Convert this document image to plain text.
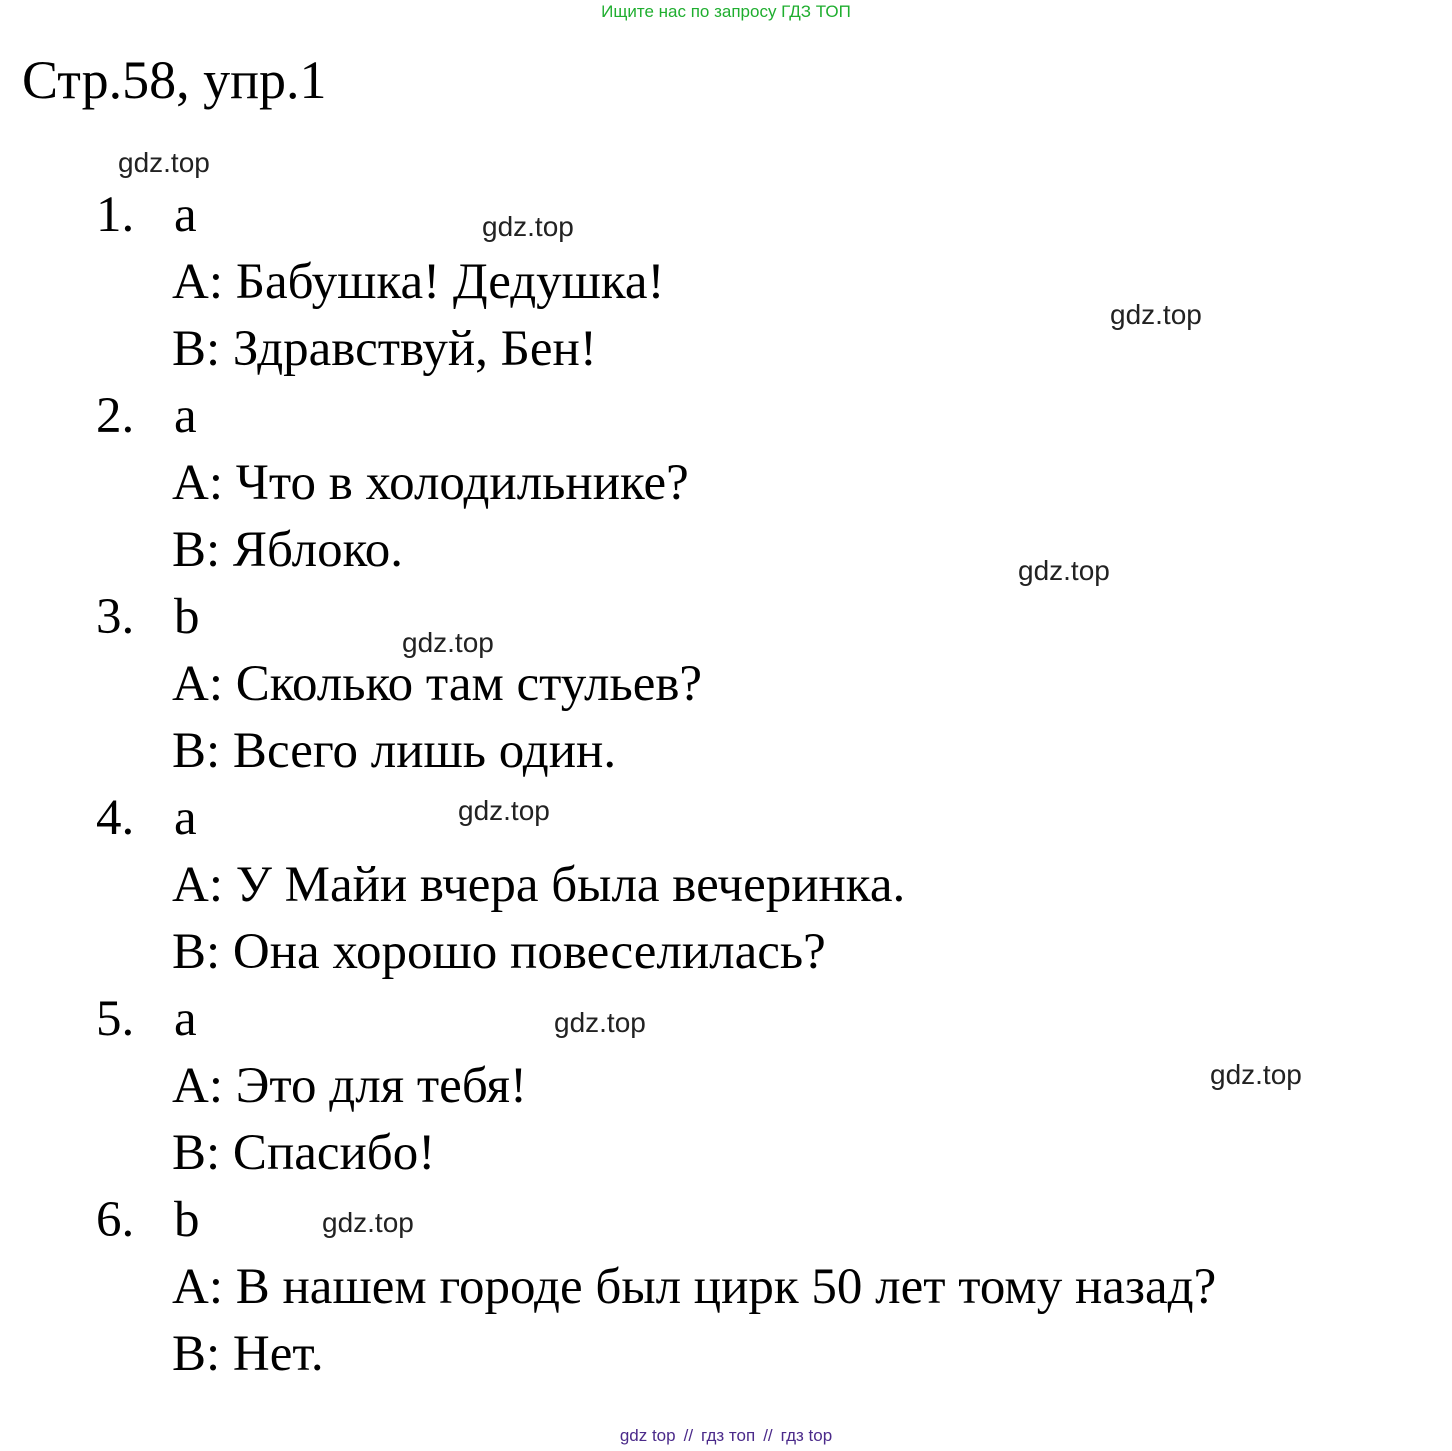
Ищите нас по запросу ГДЗ ТОП
Стр.58, упр.1
gdz.top
gdz.top
gdz.top
gdz.top
gdz.top
gdz.top
gdz.top
gdz.top
gdz.top
1. a
А: Бабушка! Дедушка!
В: Здравствуй, Бен!
2. a
А: Что в холодильнике?
В: Яблоко.
3. b
А: Сколько там стульев?
В: Всего лишь один.
4. a
А: У Майи вчера была вечеринка.
В: Она хорошо повеселилась?
5. a
А: Это для тебя!
В: Спасибо!
6. b
А: В нашем городе был цирк 50 лет тому назад?
В: Нет.
gdz top // гдз топ // гдз top
